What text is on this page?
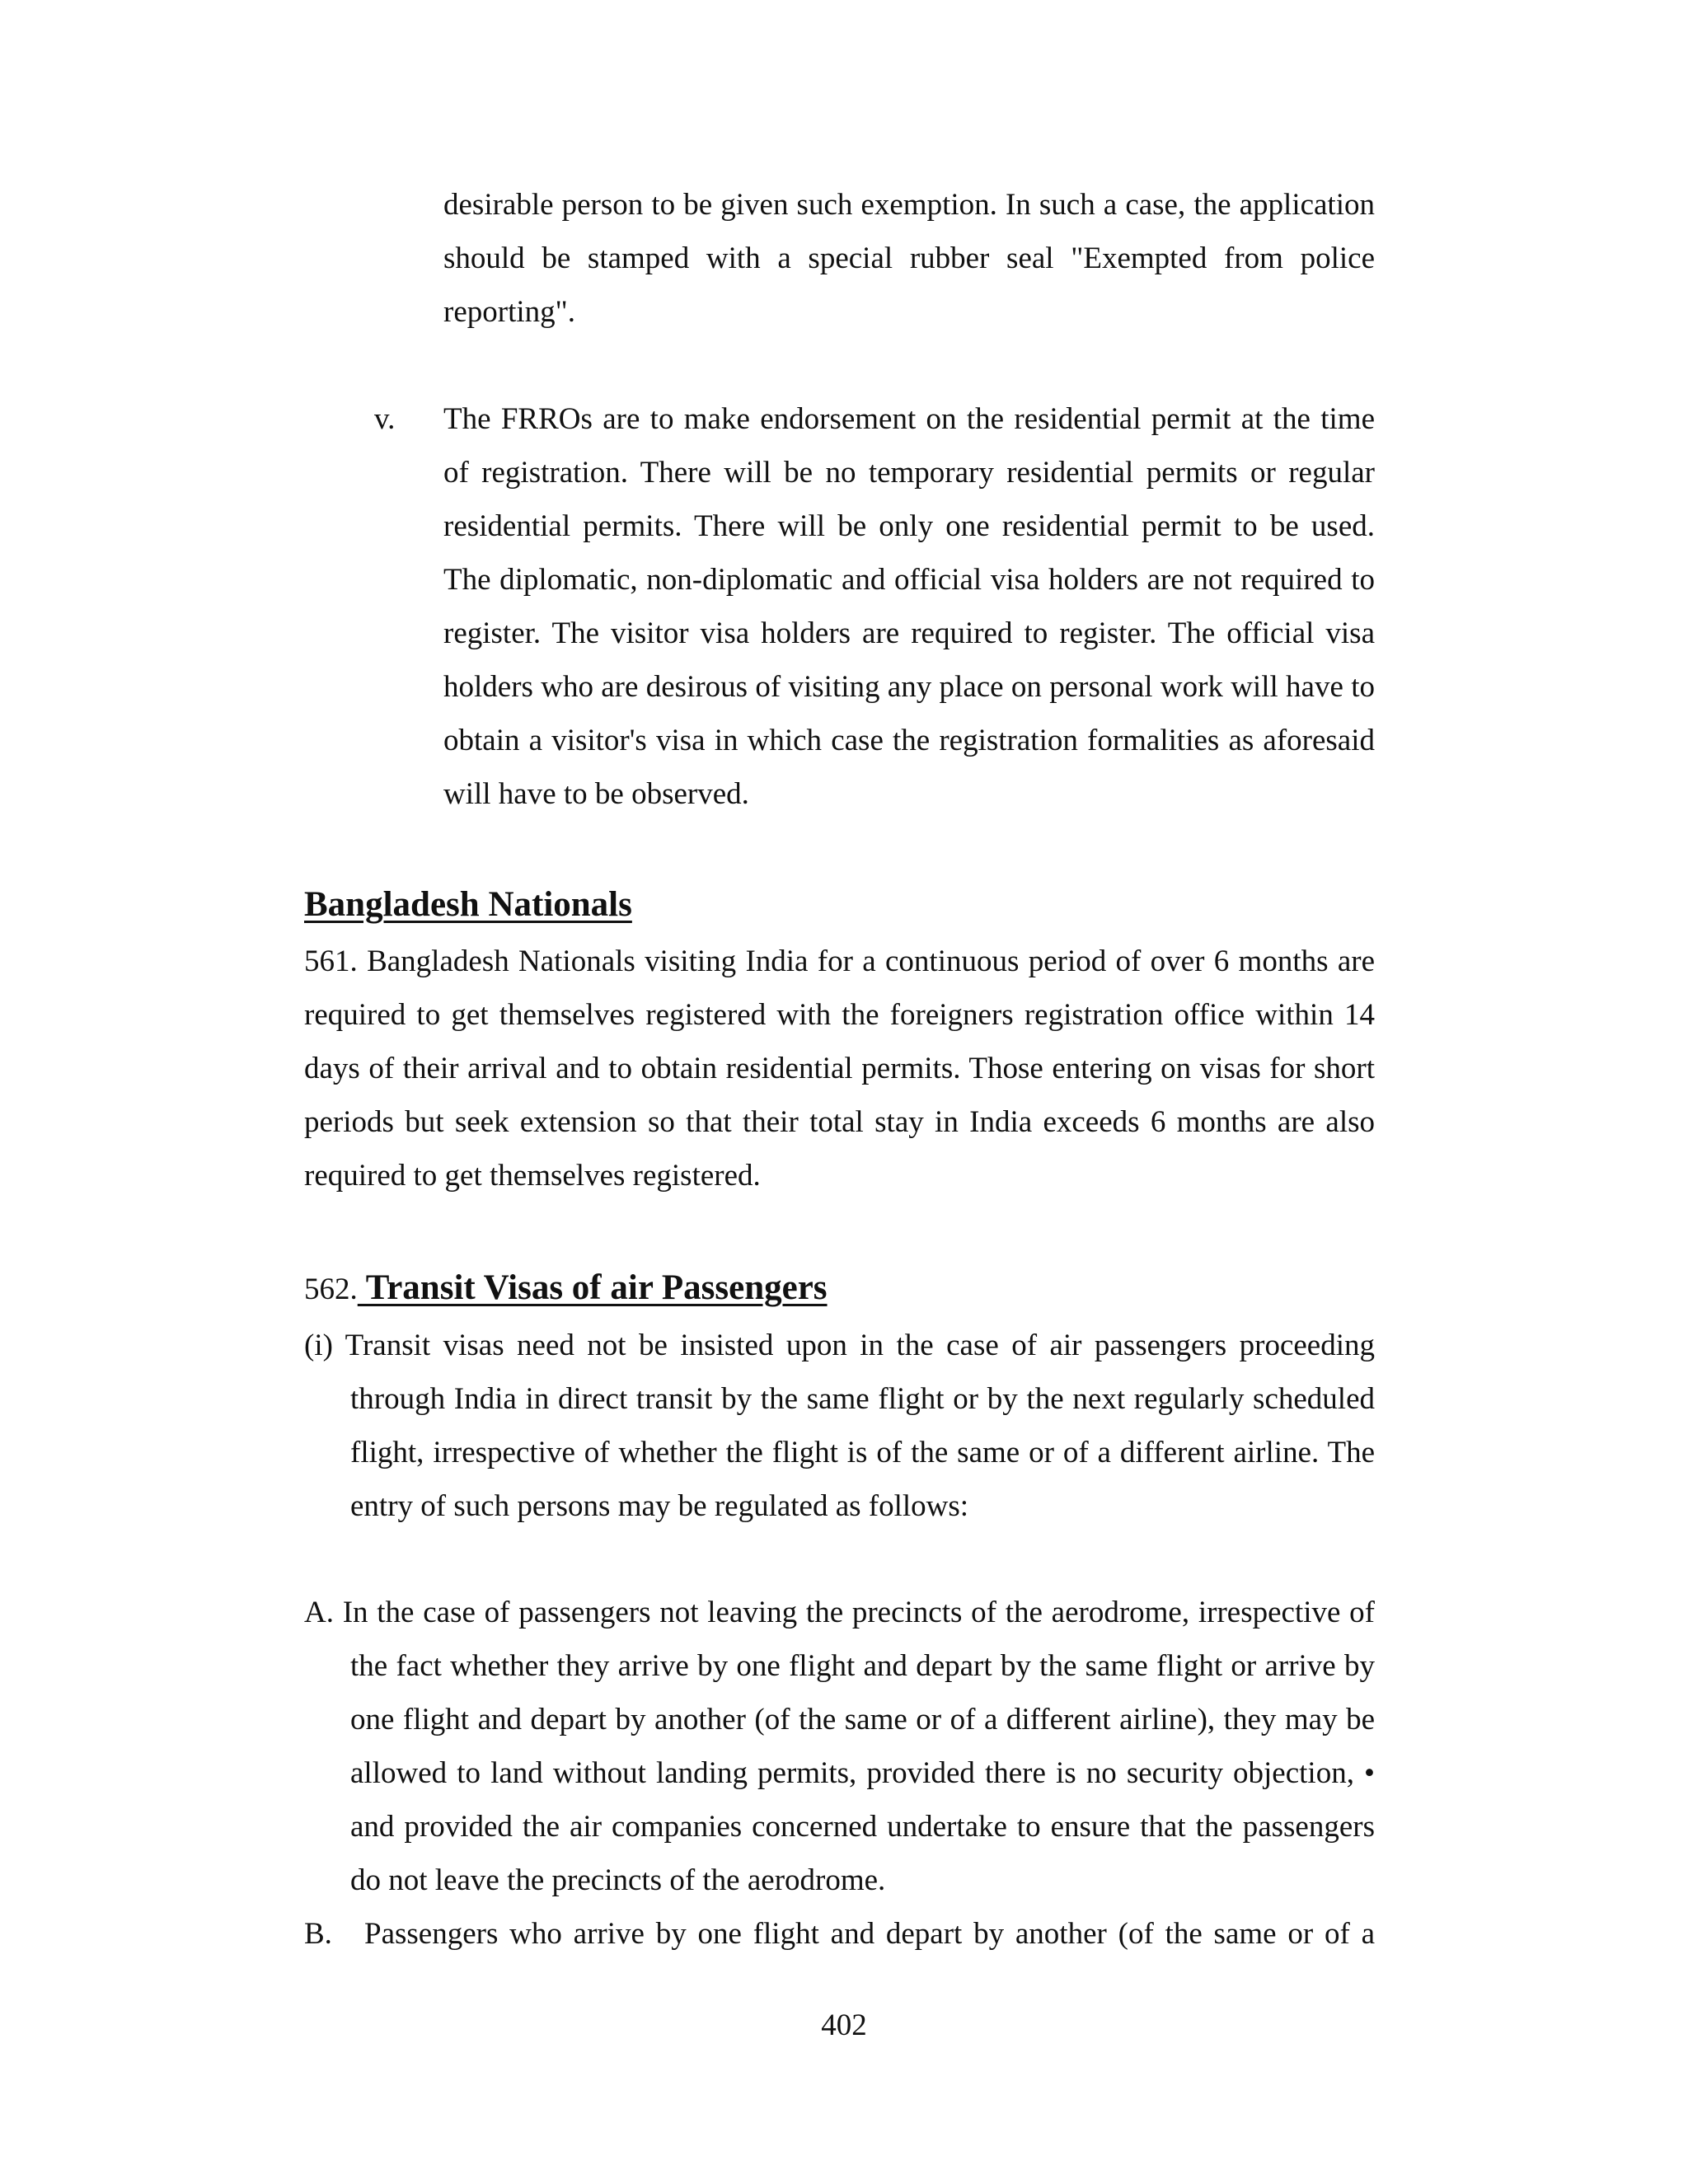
desirable person to be given such exemption. In such a case, the application should be stamped with a special rubber seal "Exempted from police reporting".

v. The FRROs are to make endorsement on the residential permit at the time of registration. There will be no temporary residential permits or regular residential permits. There will be only one residential permit to be used. The diplomatic, non-diplomatic and official visa holders are not required to register. The visitor visa holders are required to register. The official visa holders who are desirous of visiting any place on personal work will have to obtain a visitor's visa in which case the registration formalities as aforesaid will have to be observed.

Bangladesh Nationals

561. Bangladesh Nationals visiting India for a continuous period of over 6 months are required to get themselves registered with the foreigners registration office within 14 days of their arrival and to obtain residential permits. Those entering on visas for short periods but seek extension so that their total stay in India exceeds 6 months are also required to get themselves registered.

562. Transit Visas of air Passengers

(i) Transit visas need not be insisted upon in the case of air passengers proceeding through India in direct transit by the same flight or by the next regularly scheduled flight, irrespective of whether the flight is of the same or of a different airline. The entry of such persons may be regulated as follows:

A. In the case of passengers not leaving the precincts of the aerodrome, irrespective of the fact whether they arrive by one flight and depart by the same flight or arrive by one flight and depart by another (of the same or of a different airline), they may be allowed to land without landing permits, provided there is no security objection, • and provided the air companies concerned undertake to ensure that the passengers do not leave the precincts of the aerodrome.

B. Passengers who arrive by one flight and depart by another (of the same or of a

402
